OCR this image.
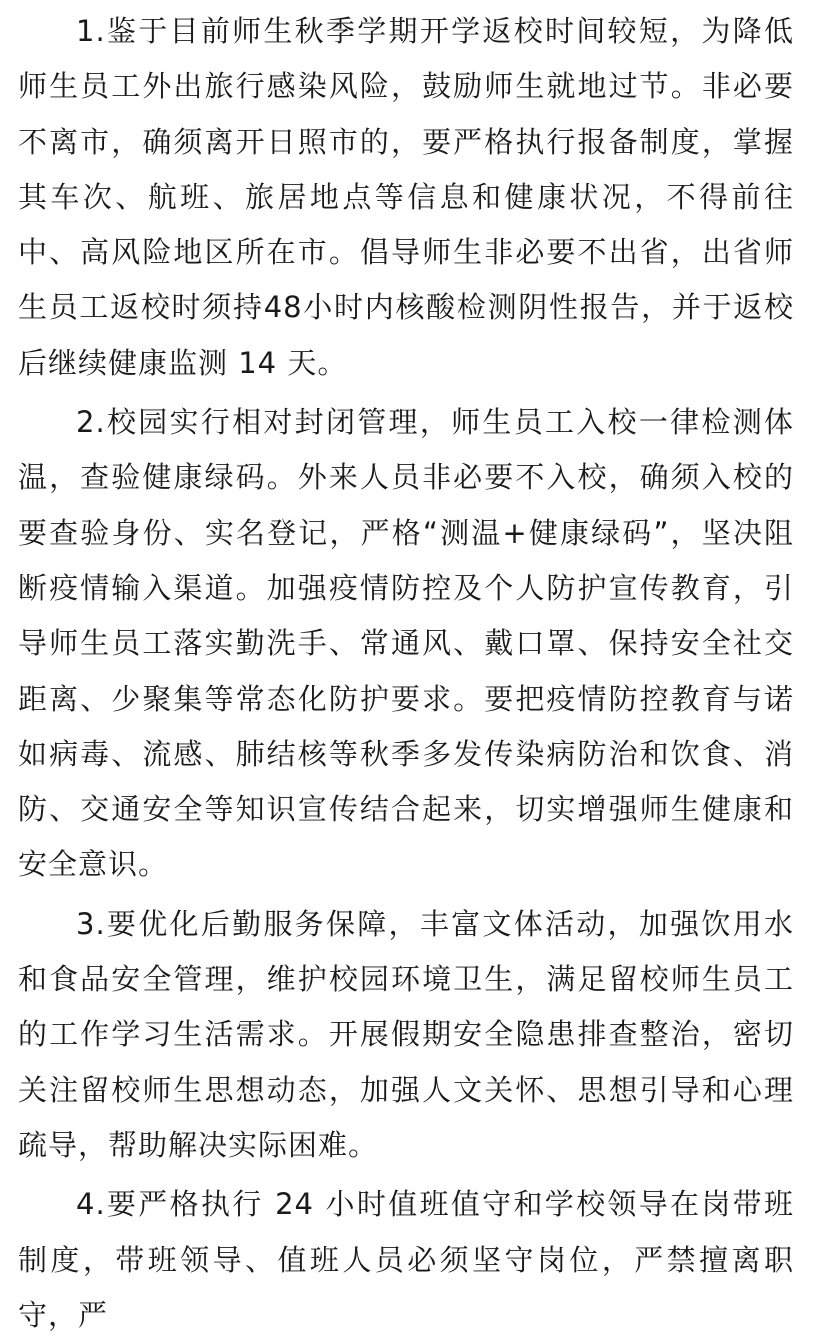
1.鉴于目前师生秋季学期开学返校时间较短，为降低师生员工外出旅行感染风险，鼓励师生就地过节。非必要不离市，确须离开日照市的，要严格执行报备制度，掌握其车次、航班、旅居地点等信息和健康状况，不得前往中、高风险地区所在市。倡导师生非必要不出省，出省师生员工返校时须持48小时内核酸检测阴性报告，并于返校后继续健康监测 14 天。

2.校园实行相对封闭管理，师生员工入校一律检测体温，查验健康绿码。外来人员非必要不入校，确须入校的要查验身份、实名登记，严格“测温+健康绿码”，坚决阻断疫情输入渠道。加强疫情防控及个人防护宣传教育，引导师生员工落实勤洗手、常通风、戴口罩、保持安全社交距离、少聚集等常态化防护要求。要把疫情防控教育与诺如病毒、流感、肺结核等秋季多发传染病防治和饮食、消防、交通安全等知识宣传结合起来，切实增强师生健康和安全意识。

3.要优化后勤服务保障，丰富文体活动，加强饮用水和食品安全管理，维护校园环境卫生，满足留校师生员工的工作学习生活需求。开展假期安全隐患排查整治，密切关注留校师生思想动态，加强人文关怀、思想引导和心理疏导，帮助解决实际困难。

4.要严格执行 24 小时值班值守和学校领导在岗带班制度，带班领导、值班人员必须坚守岗位，严禁擅离职守，严
